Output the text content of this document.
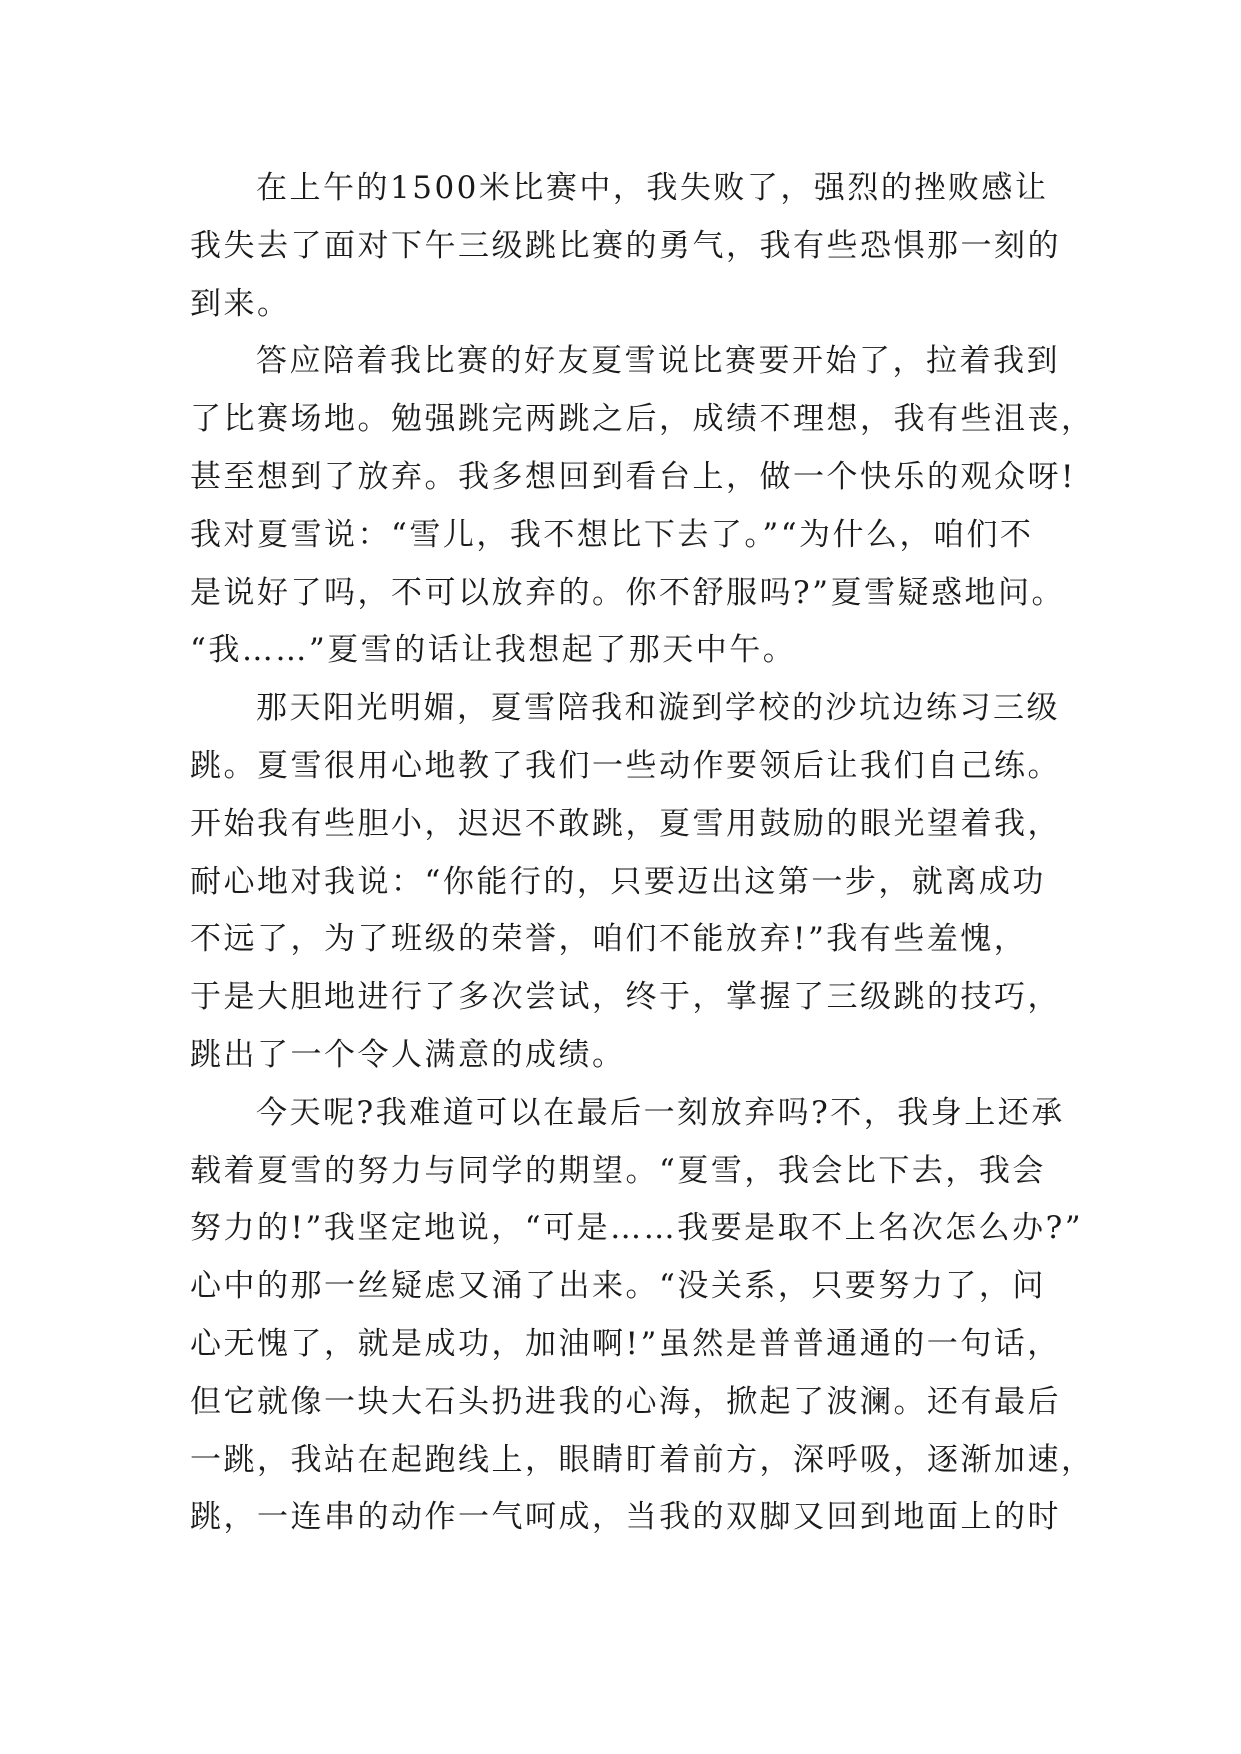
在上午的1500米比赛中，我失败了，强烈的挫败感让
我失去了面对下午三级跳比赛的勇气，我有些恐惧那一刻的
到来。
答应陪着我比赛的好友夏雪说比赛要开始了，拉着我到
了比赛场地。勉强跳完两跳之后，成绩不理想，我有些沮丧，
甚至想到了放弃。我多想回到看台上，做一个快乐的观众呀!
我对夏雪说：“雪儿，我不想比下去了。”“为什么，咱们不
是说好了吗，不可以放弃的。你不舒服吗?”夏雪疑惑地问。
“我……”夏雪的话让我想起了那天中午。
那天阳光明媚，夏雪陪我和漩到学校的沙坑边练习三级
跳。夏雪很用心地教了我们一些动作要领后让我们自己练。
开始我有些胆小，迟迟不敢跳，夏雪用鼓励的眼光望着我，
耐心地对我说：“你能行的，只要迈出这第一步，就离成功
不远了，为了班级的荣誉，咱们不能放弃!”我有些羞愧，
于是大胆地进行了多次尝试，终于，掌握了三级跳的技巧，
跳出了一个令人满意的成绩。
今天呢?我难道可以在最后一刻放弃吗?不，我身上还承
载着夏雪的努力与同学的期望。“夏雪，我会比下去，我会
努力的!”我坚定地说，“可是……我要是取不上名次怎么办?”
心中的那一丝疑虑又涌了出来。“没关系，只要努力了，问
心无愧了，就是成功，加油啊!”虽然是普普通通的一句话，
但它就像一块大石头扔进我的心海，掀起了波澜。还有最后
一跳，我站在起跑线上，眼睛盯着前方，深呼吸，逐渐加速，
跳，一连串的动作一气呵成，当我的双脚又回到地面上的时
